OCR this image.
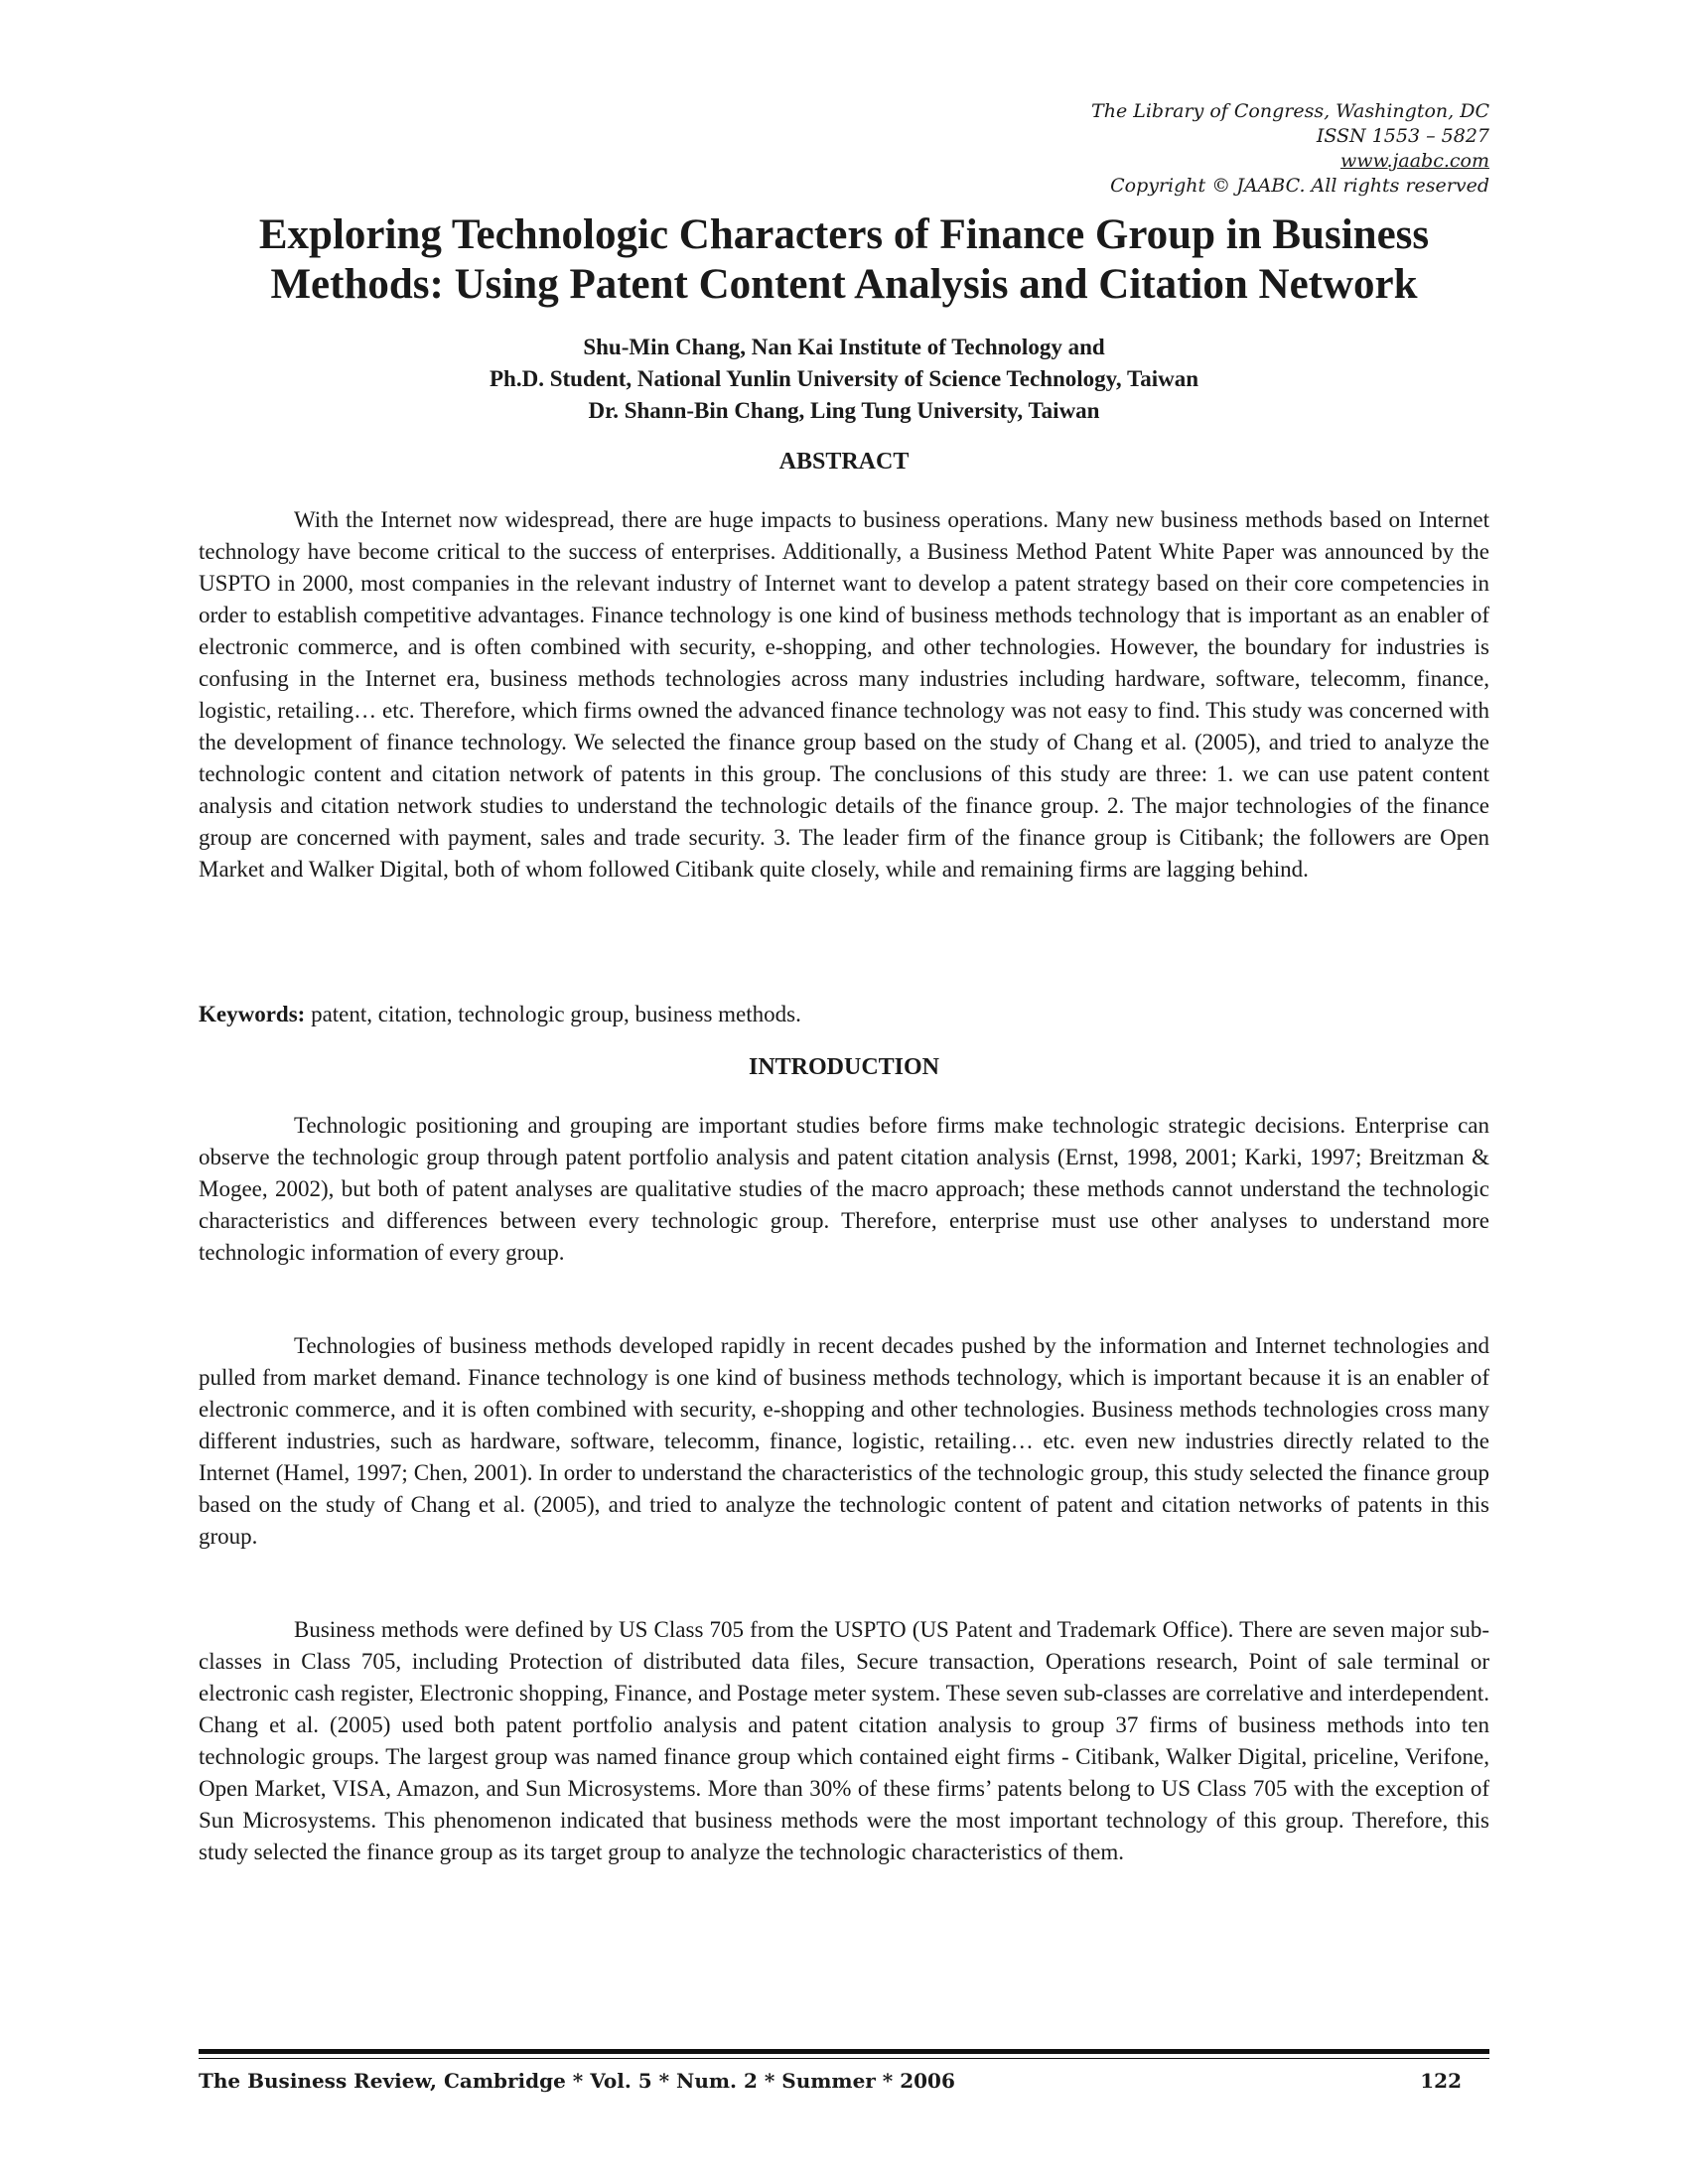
The Library of Congress, Washington, DC
ISSN 1553 – 5827
www.jaabc.com
Copyright © JAABC. All rights reserved
Exploring Technologic Characters of Finance Group in Business
Methods: Using Patent Content Analysis and Citation Network
Shu-Min Chang, Nan Kai Institute of Technology and
Ph.D. Student, National Yunlin University of Science Technology, Taiwan
Dr. Shann-Bin Chang, Ling Tung University, Taiwan
ABSTRACT

With the Internet now widespread, there are huge impacts to business operations. Many new business methods based on Internet technology have become critical to the success of enterprises. Additionally, a Business Method Patent White Paper was announced by the USPTO in 2000, most companies in the relevant industry of Internet want to develop a patent strategy based on their core competencies in order to establish competitive advantages. Finance technology is one kind of business methods technology that is important as an enabler of electronic commerce, and is often combined with security, e-shopping, and other technologies. However, the boundary for industries is confusing in the Internet era, business methods technologies across many industries including hardware, software, telecomm, finance, logistic, retailing… etc. Therefore, which firms owned the advanced finance technology was not easy to find. This study was concerned with the development of finance technology. We selected the finance group based on the study of Chang et al. (2005), and tried to analyze the technologic content and citation network of patents in this group. The conclusions of this study are three: 1. we can use patent content analysis and citation network studies to understand the technologic details of the finance group. 2. The major technologies of the finance group are concerned with payment, sales and trade security. 3. The leader firm of the finance group is Citibank; the followers are Open Market and Walker Digital, both of whom followed Citibank quite closely, while and remaining firms are lagging behind.

Keywords: patent, citation, technologic group, business methods.

INTRODUCTION

Technologic positioning and grouping are important studies before firms make technologic strategic decisions. Enterprise can observe the technologic group through patent portfolio analysis and patent citation analysis (Ernst, 1998, 2001; Karki, 1997; Breitzman & Mogee, 2002), but both of patent analyses are qualitative studies of the macro approach; these methods cannot understand the technologic characteristics and differences between every technologic group. Therefore, enterprise must use other analyses to understand more technologic information of every group.

Technologies of business methods developed rapidly in recent decades pushed by the information and Internet technologies and pulled from market demand. Finance technology is one kind of business methods technology, which is important because it is an enabler of electronic commerce, and it is often combined with security, e-shopping and other technologies. Business methods technologies cross many different industries, such as hardware, software, telecomm, finance, logistic, retailing… etc. even new industries directly related to the Internet (Hamel, 1997; Chen, 2001). In order to understand the characteristics of the technologic group, this study selected the finance group based on the study of Chang et al. (2005), and tried to analyze the technologic content of patent and citation networks of patents in this group.

Business methods were defined by US Class 705 from the USPTO (US Patent and Trademark Office). There are seven major sub-classes in Class 705, including Protection of distributed data files, Secure transaction, Operations research, Point of sale terminal or electronic cash register, Electronic shopping, Finance, and Postage meter system. These seven sub-classes are correlative and interdependent. Chang et al. (2005) used both patent portfolio analysis and patent citation analysis to group 37 firms of business methods into ten technologic groups. The largest group was named finance group which contained eight firms - Citibank, Walker Digital, priceline, Verifone, Open Market, VISA, Amazon, and Sun Microsystems. More than 30% of these firms’ patents belong to US Class 705 with the exception of Sun Microsystems. This phenomenon indicated that business methods were the most important technology of this group. Therefore, this study selected the finance group as its target group to analyze the technologic characteristics of them.

The Business Review, Cambridge * Vol. 5 * Num. 2 * Summer * 2006	122
